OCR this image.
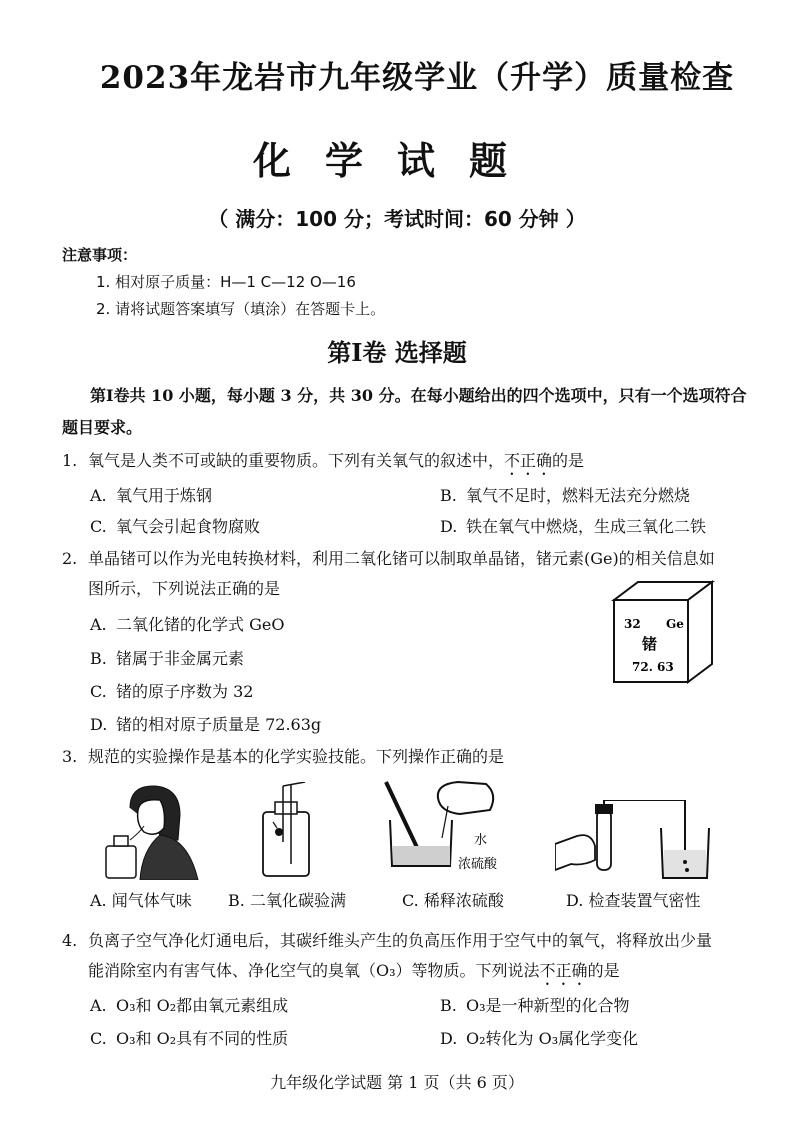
2023年龙岩市九年级学业（升学）质量检查
化学试题
（ 满分：100 分；考试时间：60 分钟 ）
注意事项：
1. 相对原子质量：H—1 C—12 O—16
2. 请将试题答案填写（填涂）在答题卡上。
第Ⅰ卷 选择题
第Ⅰ卷共 10 小题，每小题 3 分，共 30 分。在每小题给出的四个选项中，只有一个选项符合题目要求。
1. 氧气是人类不可或缺的重要物质。下列有关氧气的叙述中，不正确的是
A. 氧气用于炼钢	B. 氧气不足时，燃料无法充分燃烧
C. 氧气会引起食物腐败	D. 铁在氧气中燃烧，生成三氧化二铁
2. 单晶锗可以作为光电转换材料，利用二氧化锗可以制取单晶锗，锗元素(Ge)的相关信息如
图所示，下列说法正确的是
A. 二氧化锗的化学式 GeO
B. 锗属于非金属元素
C. 锗的原子序数为 32
D. 锗的相对原子质量是 72.63g
32 Ge
锗
72. 63
3. 规范的实验操作是基本的化学实验技能。下列操作正确的是
水
浓硫酸
A. 闻气体气味 B. 二氧化碳验满	C. 稀释浓硫酸	D. 检查装置气密性
4. 负离子空气净化灯通电后，其碳纤维头产生的负高压作用于空气中的氧气，将释放出少量
能消除室内有害气体、净化空气的臭氧（O₃）等物质。下列说法不正确的是
A. O₃和 O₂都由氧元素组成	B. O₃是一种新型的化合物
C. O₃和 O₂具有不同的性质	D. O₂转化为 O₃属化学变化
九年级化学试题 第 1 页（共 6 页）
